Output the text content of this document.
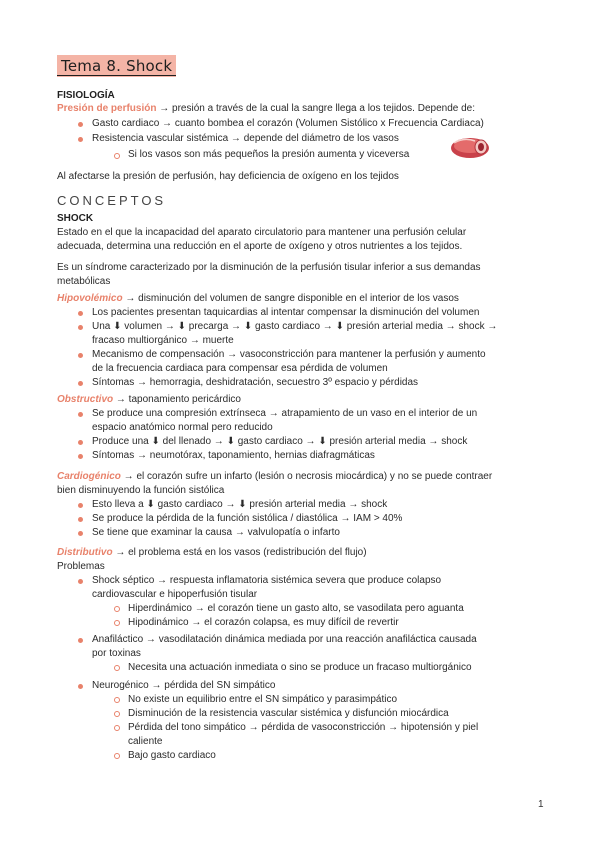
Tema 8. Shock
FISIOLOGÍA
Presión de perfusión → presión a través de la cual la sangre llega a los tejidos. Depende de:
Gasto cardiaco → cuanto bombea el corazón (Volumen Sistólico x Frecuencia Cardiaca)
Resistencia vascular sistémica → depende del diámetro de los vasos
Si los vasos son más pequeños la presión aumenta y viceversa
Al afectarse la presión de perfusión, hay deficiencia de oxígeno en los tejidos
CONCEPTOS
SHOCK
Estado en el que la incapacidad del aparato circulatorio para mantener una perfusión celular
adecuada, determina una reducción en el aporte de oxígeno y otros nutrientes a los tejidos.
Es un síndrome caracterizado por la disminución de la perfusión tisular inferior a sus demandas
metabólicas
Hipovolémico → disminución del volumen de sangre disponible en el interior de los vasos
Los pacientes presentan taquicardias al intentar compensar la disminución del volumen
Una ⬇ volumen → ⬇ precarga → ⬇ gasto cardiaco → ⬇ presión arterial media → shock →
fracaso multiorgánico → muerte
Mecanismo de compensación → vasoconstricción para mantener la perfusión y aumento
de la frecuencia cardiaca para compensar esa pérdida de volumen
Síntomas → hemorragia, deshidratación, secuestro 3º espacio y pérdidas
Obstructivo → taponamiento pericárdico
Se produce una compresión extrínseca → atrapamiento de un vaso en el interior de un
espacio anatómico normal pero reducido
Produce una ⬇ del llenado → ⬇ gasto cardiaco → ⬇ presión arterial media → shock
Síntomas → neumotórax, taponamiento, hernias diafragmáticas
Cardiogénico → el corazón sufre un infarto (lesión o necrosis miocárdica) y no se puede contraer
bien disminuyendo la función sistólica
Esto lleva a ⬇ gasto cardiaco → ⬇ presión arterial media → shock
Se produce la pérdida de la función sistólica / diastólica → IAM > 40%
Se tiene que examinar la causa → valvulopatía o infarto
Distributivo → el problema está en los vasos (redistribución del flujo)
Problemas
Shock séptico → respuesta inflamatoria sistémica severa que produce colapso
cardiovascular e hipoperfusión tisular
Hiperdinámico → el corazón tiene un gasto alto, se vasodilata pero aguanta
Hipodinámico → el corazón colapsa, es muy difícil de revertir
Anafiláctico → vasodilatación dinámica mediada por una reacción anafiláctica causada
por toxinas
Necesita una actuación inmediata o sino se produce un fracaso multiorgánico
Neurogénico → pérdida del SN simpático
No existe un equilibrio entre el SN simpático y parasimpático
Disminución de la resistencia vascular sistémica y disfunción miocárdica
Pérdida del tono simpático → pérdida de vasoconstricción → hipotensión y piel
caliente
Bajo gasto cardiaco
1
